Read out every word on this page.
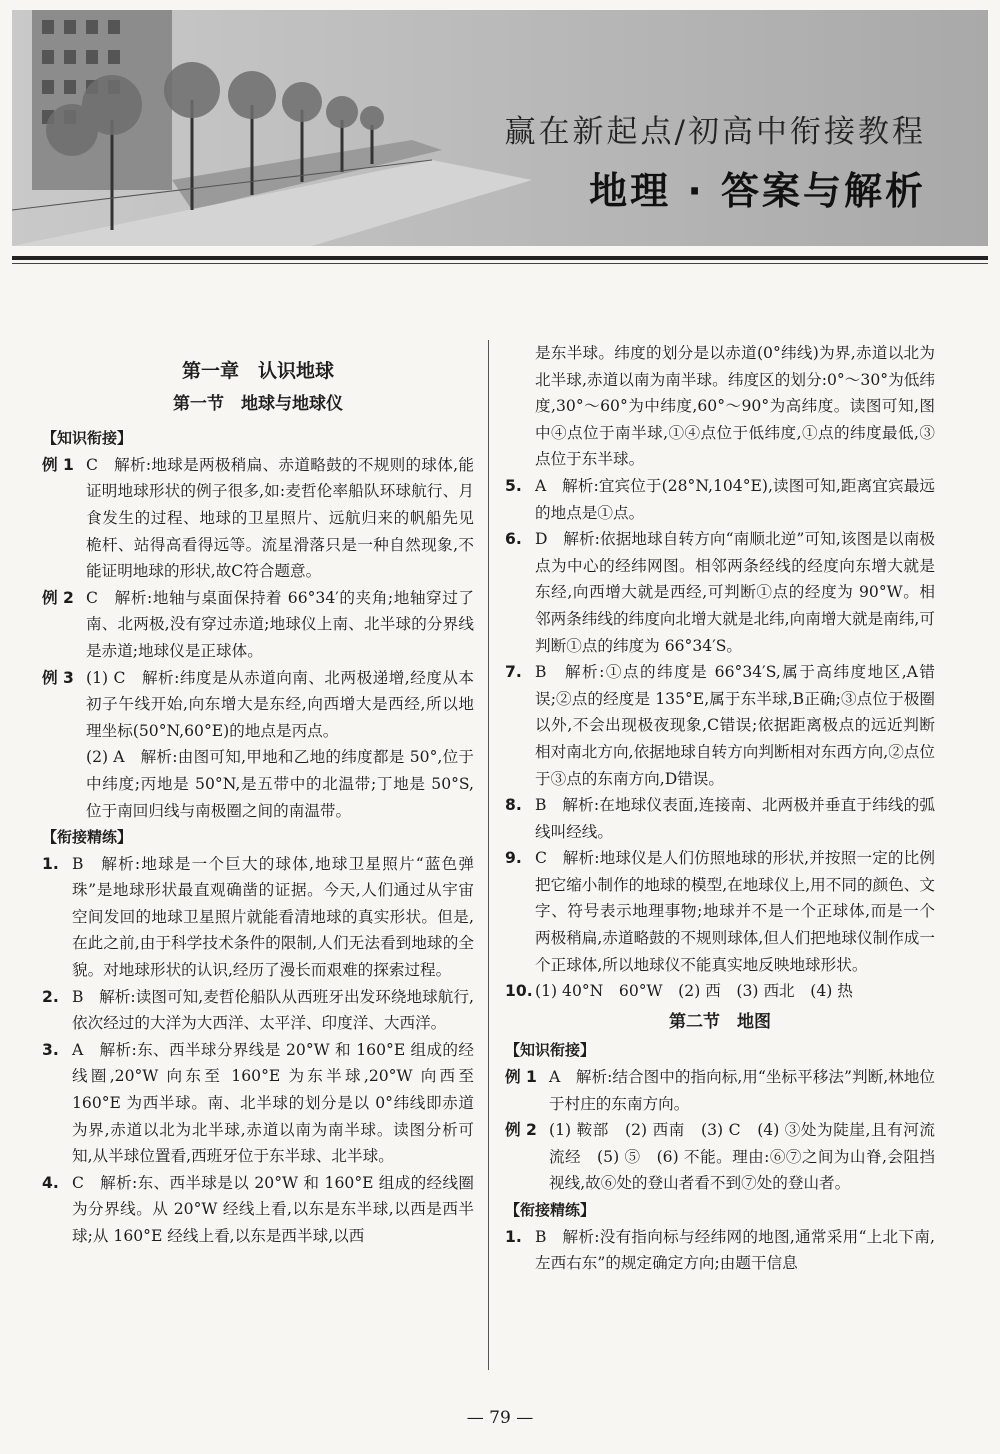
赢在新起点/初高中衔接教程
地理 · 答案与解析
第一章　认识地球
第一节　地球与地球仪
【知识衔接】
例 1 C　解析:地球是两极稍扁、赤道略鼓的不规则的球体,能证明地球形状的例子很多,如:麦哲伦率船队环球航行、月食发生的过程、地球的卫星照片、远航归来的帆船先见桅杆、站得高看得远等。流星滑落只是一种自然现象,不能证明地球的形状,故C符合题意。
例 2 C　解析:地轴与桌面保持着 66°34′的夹角;地轴穿过了南、北两极,没有穿过赤道;地球仪上南、北半球的分界线是赤道;地球仪是正球体。
例 3 (1) C　解析:纬度是从赤道向南、北两极递增,经度从本初子午线开始,向东增大是东经,向西增大是西经,所以地理坐标(50°N,60°E)的地点是丙点。
(2) A　解析:由图可知,甲地和乙地的纬度都是 50°,位于中纬度;丙地是 50°N,是五带中的北温带;丁地是 50°S,位于南回归线与南极圈之间的南温带。
【衔接精练】
1. B　解析:地球是一个巨大的球体,地球卫星照片“蓝色弹珠”是地球形状最直观确凿的证据。今天,人们通过从宇宙空间发回的地球卫星照片就能看清地球的真实形状。但是,在此之前,由于科学技术条件的限制,人们无法看到地球的全貌。对地球形状的认识,经历了漫长而艰难的探索过程。
2. B　解析:读图可知,麦哲伦船队从西班牙出发环绕地球航行,依次经过的大洋为大西洋、太平洋、印度洋、大西洋。
3. A　解析:东、西半球分界线是 20°W 和 160°E 组成的经线圈,20°W 向东至 160°E 为东半球,20°W 向西至 160°E 为西半球。南、北半球的划分是以 0°纬线即赤道为界,赤道以北为北半球,赤道以南为南半球。读图分析可知,从半球位置看,西班牙位于东半球、北半球。
4. C　解析:东、西半球是以 20°W 和 160°E 组成的经线圈为分界线。从 20°W 经线上看,以东是东半球,以西是西半球;从 160°E 经线上看,以东是西半球,以西
是东半球。纬度的划分是以赤道(0°纬线)为界,赤道以北为北半球,赤道以南为南半球。纬度区的划分:0°～30°为低纬度,30°～60°为中纬度,60°～90°为高纬度。读图可知,图中④点位于南半球,①④点位于低纬度,①点的纬度最低,③点位于东半球。
5. A　解析:宜宾位于(28°N,104°E),读图可知,距离宜宾最远的地点是①点。
6. D　解析:依据地球自转方向“南顺北逆”可知,该图是以南极点为中心的经纬网图。相邻两条经线的经度向东增大就是东经,向西增大就是西经,可判断①点的经度为 90°W。相邻两条纬线的纬度向北增大就是北纬,向南增大就是南纬,可判断①点的纬度为 66°34′S。
7. B　解析:①点的纬度是 66°34′S,属于高纬度地区,A错误;②点的经度是 135°E,属于东半球,B正确;③点位于极圈以外,不会出现极夜现象,C错误;依据距离极点的远近判断相对南北方向,依据地球自转方向判断相对东西方向,②点位于③点的东南方向,D错误。
8. B　解析:在地球仪表面,连接南、北两极并垂直于纬线的弧线叫经线。
9. C　解析:地球仪是人们仿照地球的形状,并按照一定的比例把它缩小制作的地球的模型,在地球仪上,用不同的颜色、文字、符号表示地理事物;地球并不是一个正球体,而是一个两极稍扁,赤道略鼓的不规则球体,但人们把地球仪制作成一个正球体,所以地球仪不能真实地反映地球形状。
10. (1) 40°N　60°W　(2) 西　(3) 西北　(4) 热
第二节　地图
【知识衔接】
例 1 A　解析:结合图中的指向标,用“坐标平移法”判断,林地位于村庄的东南方向。
例 2 (1) 鞍部　(2) 西南　(3) C　(4) ③处为陡崖,且有河流流经　(5) ⑤　(6) 不能。理由:⑥⑦之间为山脊,会阻挡视线,故⑥处的登山者看不到⑦处的登山者。
【衔接精练】
1. B　解析:没有指向标与经纬网的地图,通常采用“上北下南,左西右东”的规定确定方向;由题干信息
— 79 —
